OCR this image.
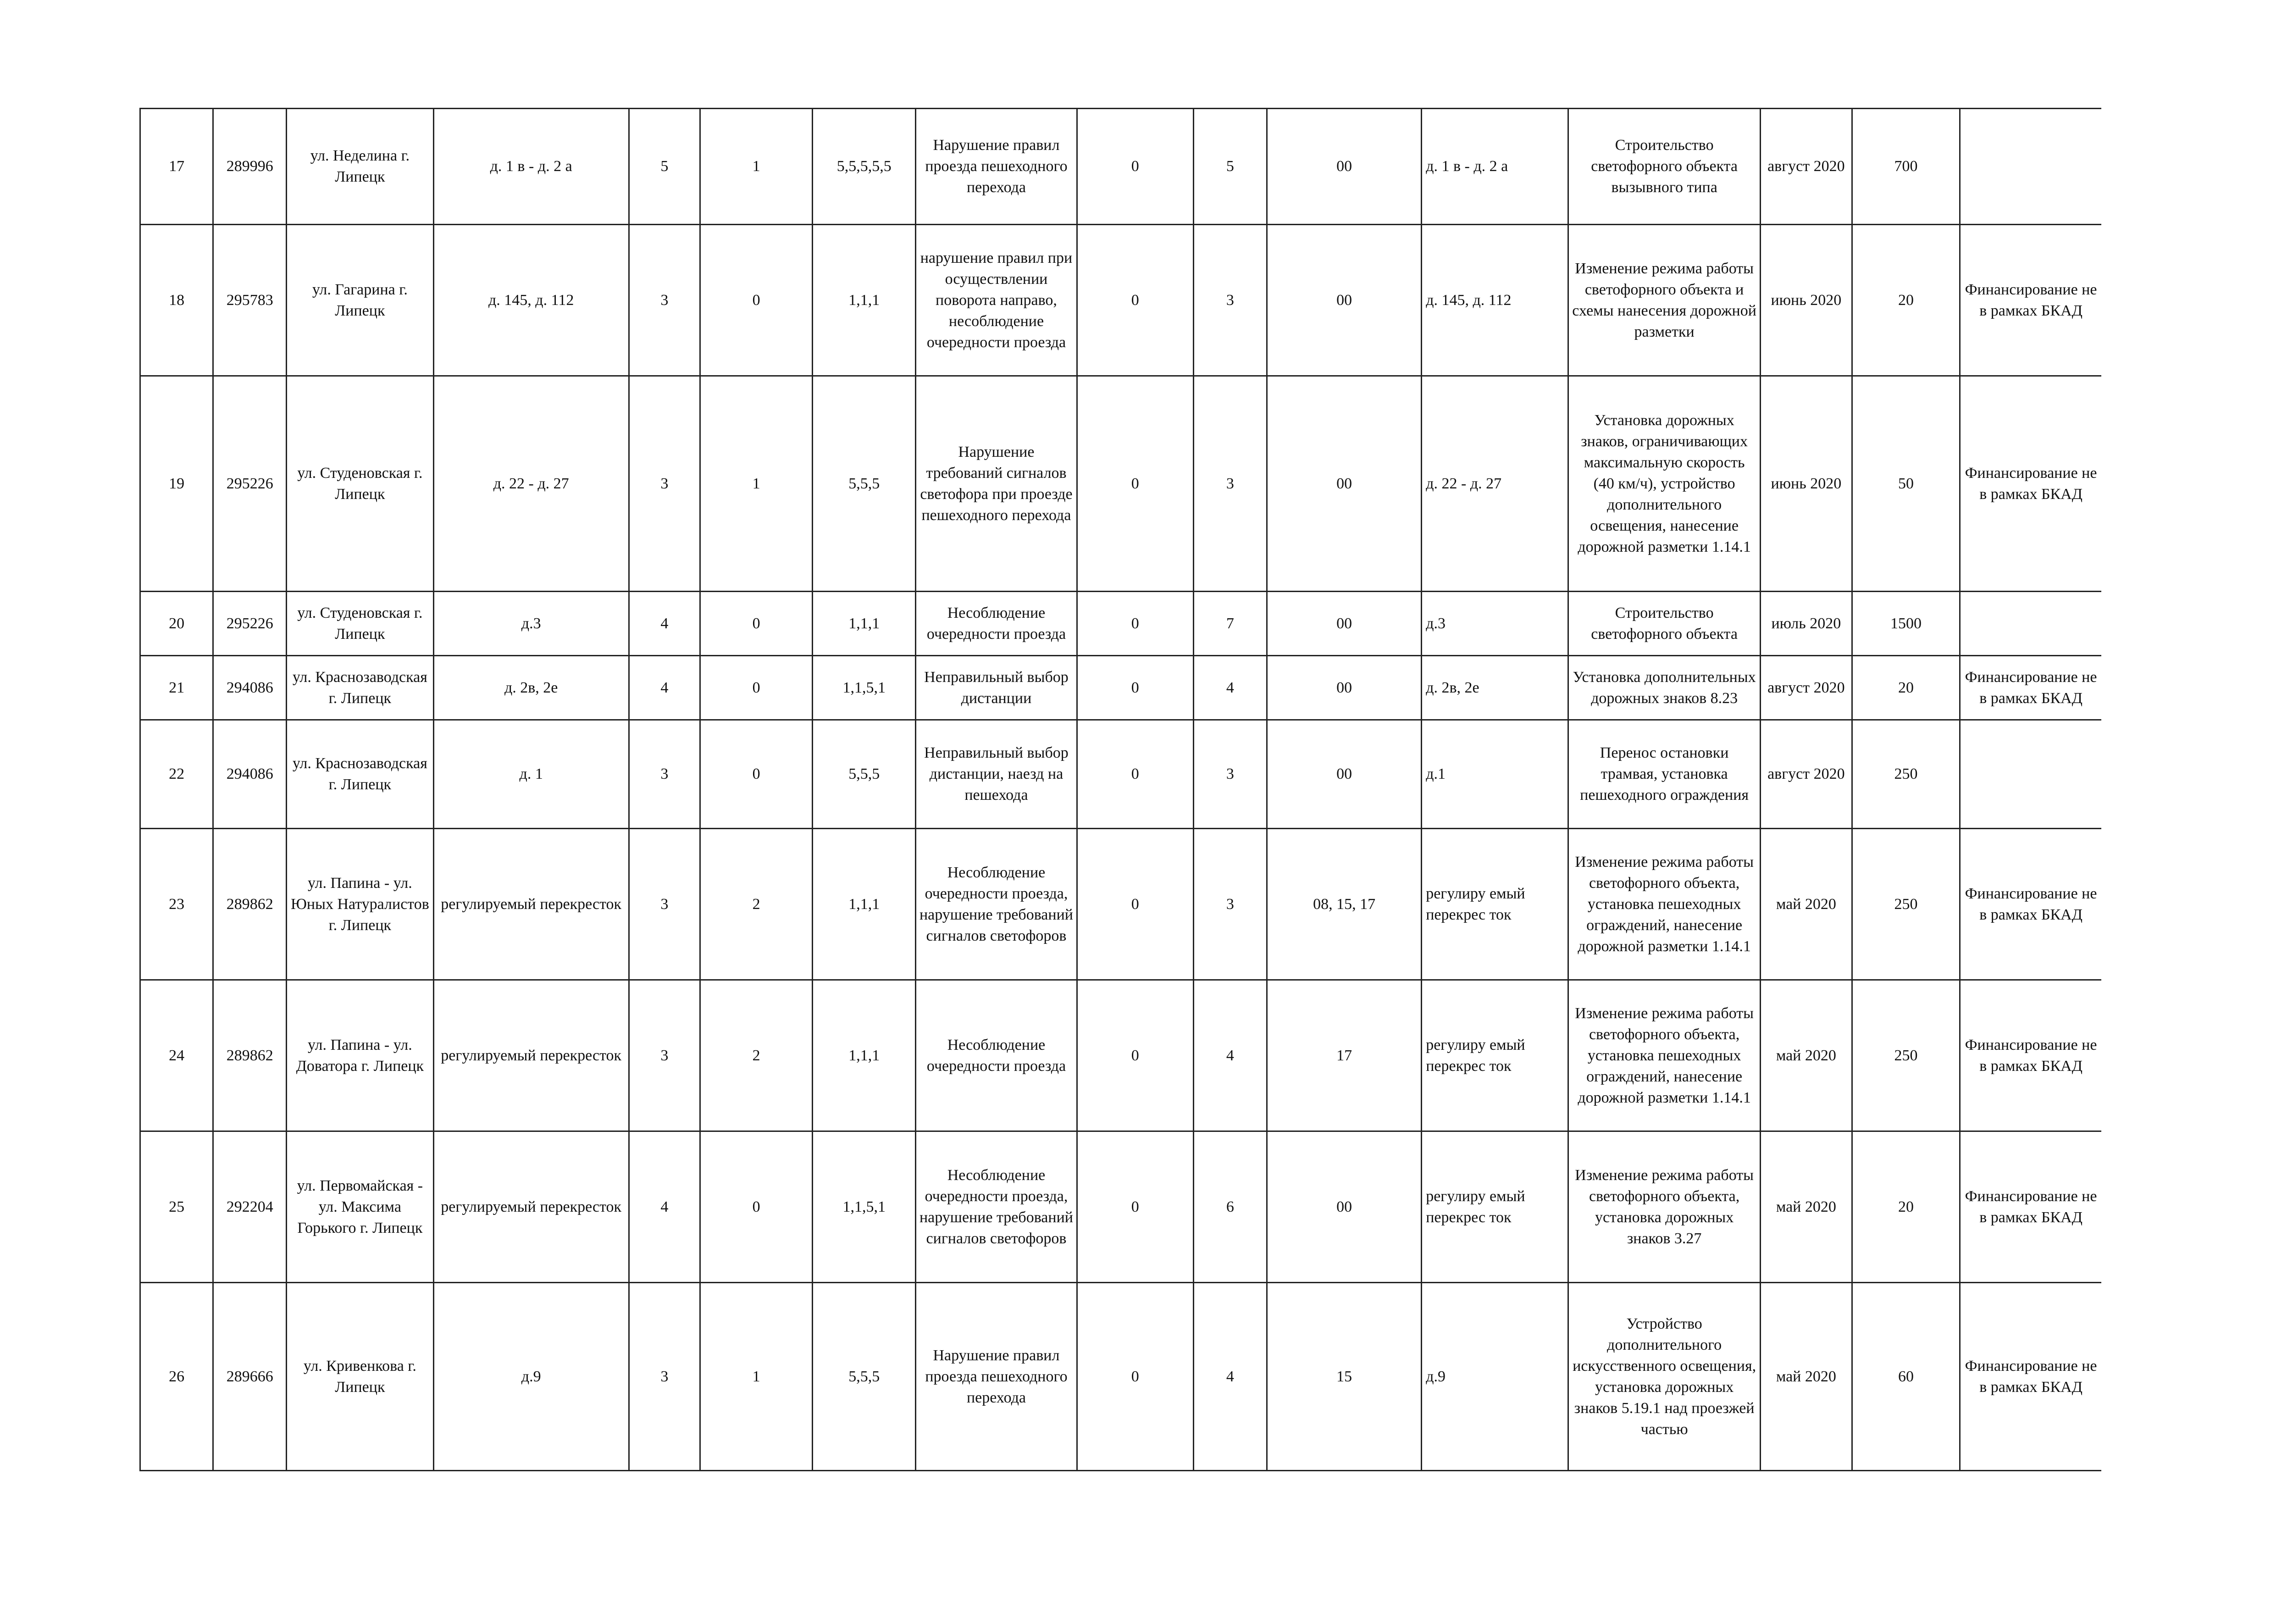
17	289996	ул. Неделина г. Липецк	д. 1 в - д. 2 а	5	1	5,5,5,5,5	Нарушение правил проезда пешеходного перехода	0	5	00	д. 1 в - д. 2 а	Строительство светофорного объекта вызывного типа	август 2020	700	
18	295783	ул. Гагарина г. Липецк	д. 145, д. 112	3	0	1,1,1	нарушение правил при осуществлении поворота направо, несоблюдение очередности проезда	0	3	00	д. 145, д. 112	Изменение режима работы светофорного объекта и схемы нанесения дорожной разметки	июнь 2020	20	Финансирование не в рамках БКАД
19	295226	ул. Студеновская г. Липецк	д. 22 - д. 27	3	1	5,5,5	Нарушение требований сигналов светофора при проезде пешеходного перехода	0	3	00	д. 22 - д. 27	Установка дорожных знаков, ограничивающих максимальную скорость (40 км/ч), устройство дополнительного освещения, нанесение дорожной разметки 1.14.1	июнь 2020	50	Финансирование не в рамках БКАД
20	295226	ул. Студеновская г. Липецк	д.3	4	0	1,1,1	Несоблюдение очередности проезда	0	7	00	д.3	Строительство светофорного объекта	июль 2020	1500	
21	294086	ул. Краснозаводская г. Липецк	д. 2в, 2е	4	0	1,1,5,1	Неправильный выбор дистанции	0	4	00	д. 2в, 2е	Установка дополнительных дорожных знаков 8.23	август 2020	20	Финансирование не в рамках БКАД
22	294086	ул. Краснозаводская г. Липецк	д. 1	3	0	5,5,5	Неправильный выбор дистанции, наезд на пешехода	0	3	00	д.1	Перенос остановки трамвая, установка пешеходного ограждения	август 2020	250	
23	289862	ул. Папина - ул. Юных Натуралистов г. Липецк	регулируемый перекресток	3	2	1,1,1	Несоблюдение очередности проезда, нарушение требований сигналов светофоров	0	3	08, 15, 17	регулиру емый перекрес ток	Изменение режима работы светофорного объекта, установка пешеходных ограждений, нанесение дорожной разметки 1.14.1	май 2020	250	Финансирование не в рамках БКАД
24	289862	ул. Папина - ул. Доватора г. Липецк	регулируемый перекресток	3	2	1,1,1	Несоблюдение очередности проезда	0	4	17	регулиру емый перекрес ток	Изменение режима работы светофорного объекта, установка пешеходных ограждений, нанесение дорожной разметки 1.14.1	май 2020	250	Финансирование не в рамках БКАД
25	292204	ул. Первомайская - ул. Максима Горького г. Липецк	регулируемый перекресток	4	0	1,1,5,1	Несоблюдение очередности проезда, нарушение требований сигналов светофоров	0	6	00	регулиру емый перекрес ток	Изменение режима работы светофорного объекта, установка дорожных знаков 3.27	май 2020	20	Финансирование не в рамках БКАД
26	289666	ул. Кривенкова г. Липецк	д.9	3	1	5,5,5	Нарушение правил проезда пешеходного перехода	0	4	15	д.9	Устройство дополнительного искусственного освещения, установка дорожных знаков 5.19.1 над проезжей частью	май 2020	60	Финансирование не в рамках БКАД
